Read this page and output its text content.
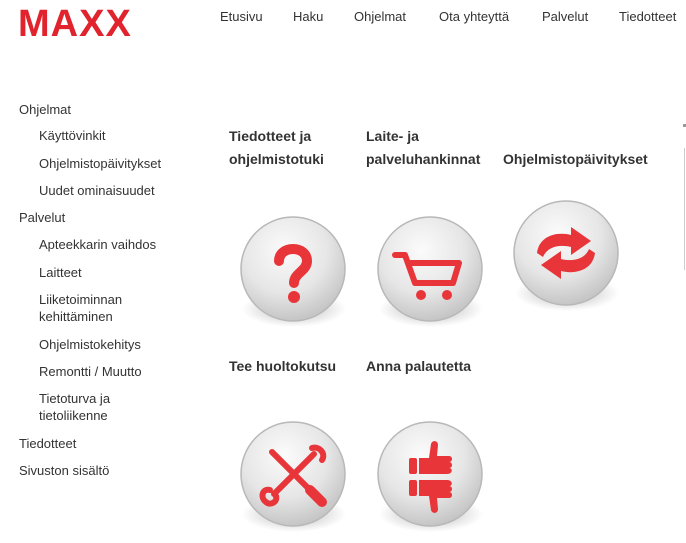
MAXX	Etusivu Haku Ohjelmat	Ota yhteyttä	Palvelut Tiedotteet
Ohjelmat
Käyttövinkit
Ohjelmistopäivitykset
Uudet ominaisuudet
Palvelut
Apteekkarin vaihdos
Laitteet
Liiketoiminnan kehittäminen
Ohjelmistokehitys
Remontti / Muutto
Tietoturva ja tietoliikenne
Tiedotteet
Sivuston sisältö
Tiedotteet ja
ohjelmistotuki
Laite- ja
palveluhankinnat Ohjelmistopäivitykset
Tee huoltokutsu Anna palautetta
